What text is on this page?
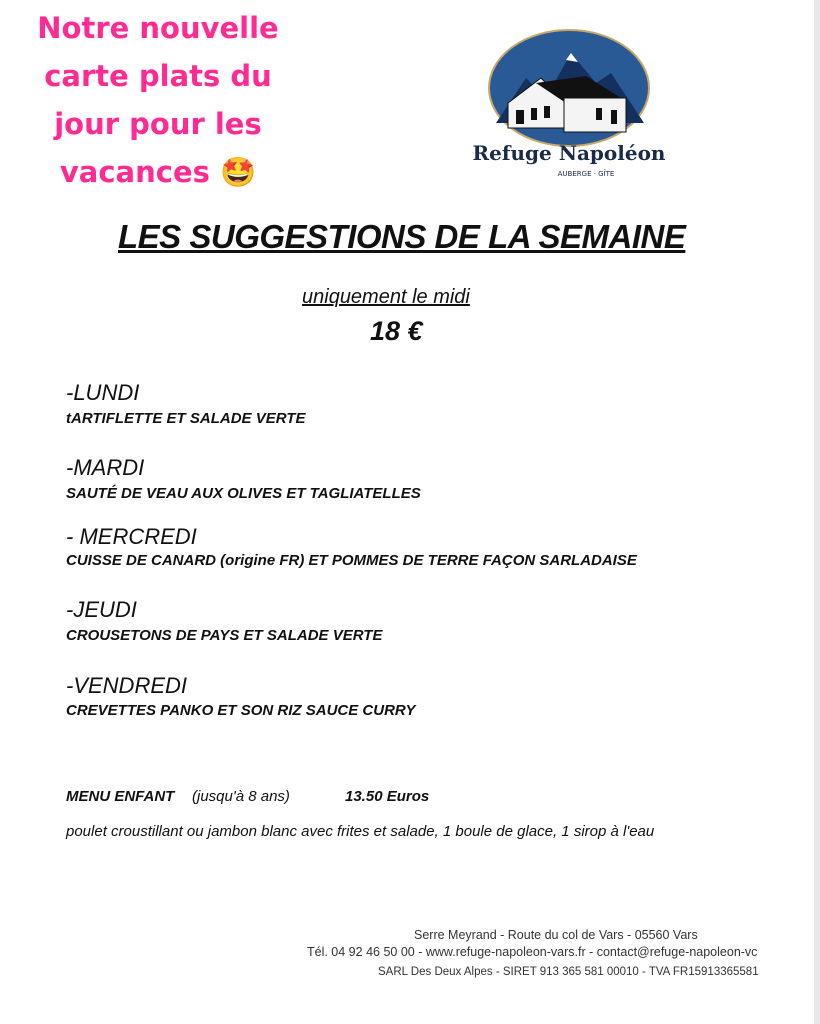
Notre nouvelle
carte plats du
jour pour les
vacances 🤩
Refuge Napoléon
AUBERGE · GÎTE
LES SUGGESTIONS DE LA SEMAINE
uniquement le midi
18 €
-LUNDI
tARTIFLETTE ET SALADE VERTE
-MARDI
SAUTÉ DE VEAU AUX OLIVES ET TAGLIATELLES
- MERCREDI
CUISSE DE CANARD (origine FR) ET POMMES DE TERRE FAÇON SARLADAISE
-JEUDI
CROUSETONS DE PAYS ET SALADE VERTE
-VENDREDI
CREVETTES PANKO ET SON RIZ SAUCE CURRY
MENU ENFANT (jusqu'à 8 ans)	13.50 Euros
poulet croustillant ou jambon blanc avec frites et salade, 1 boule de glace, 1 sirop à l'eau
Serre Meyrand - Route du col de Vars - 05560 Vars
Tél. 04 92 46 50 00 - www.refuge-napoleon-vars.fr - contact@refuge-napoleon-vc
SARL Des Deux Alpes - SIRET 913 365 581 00010 - TVA FR15913365581
